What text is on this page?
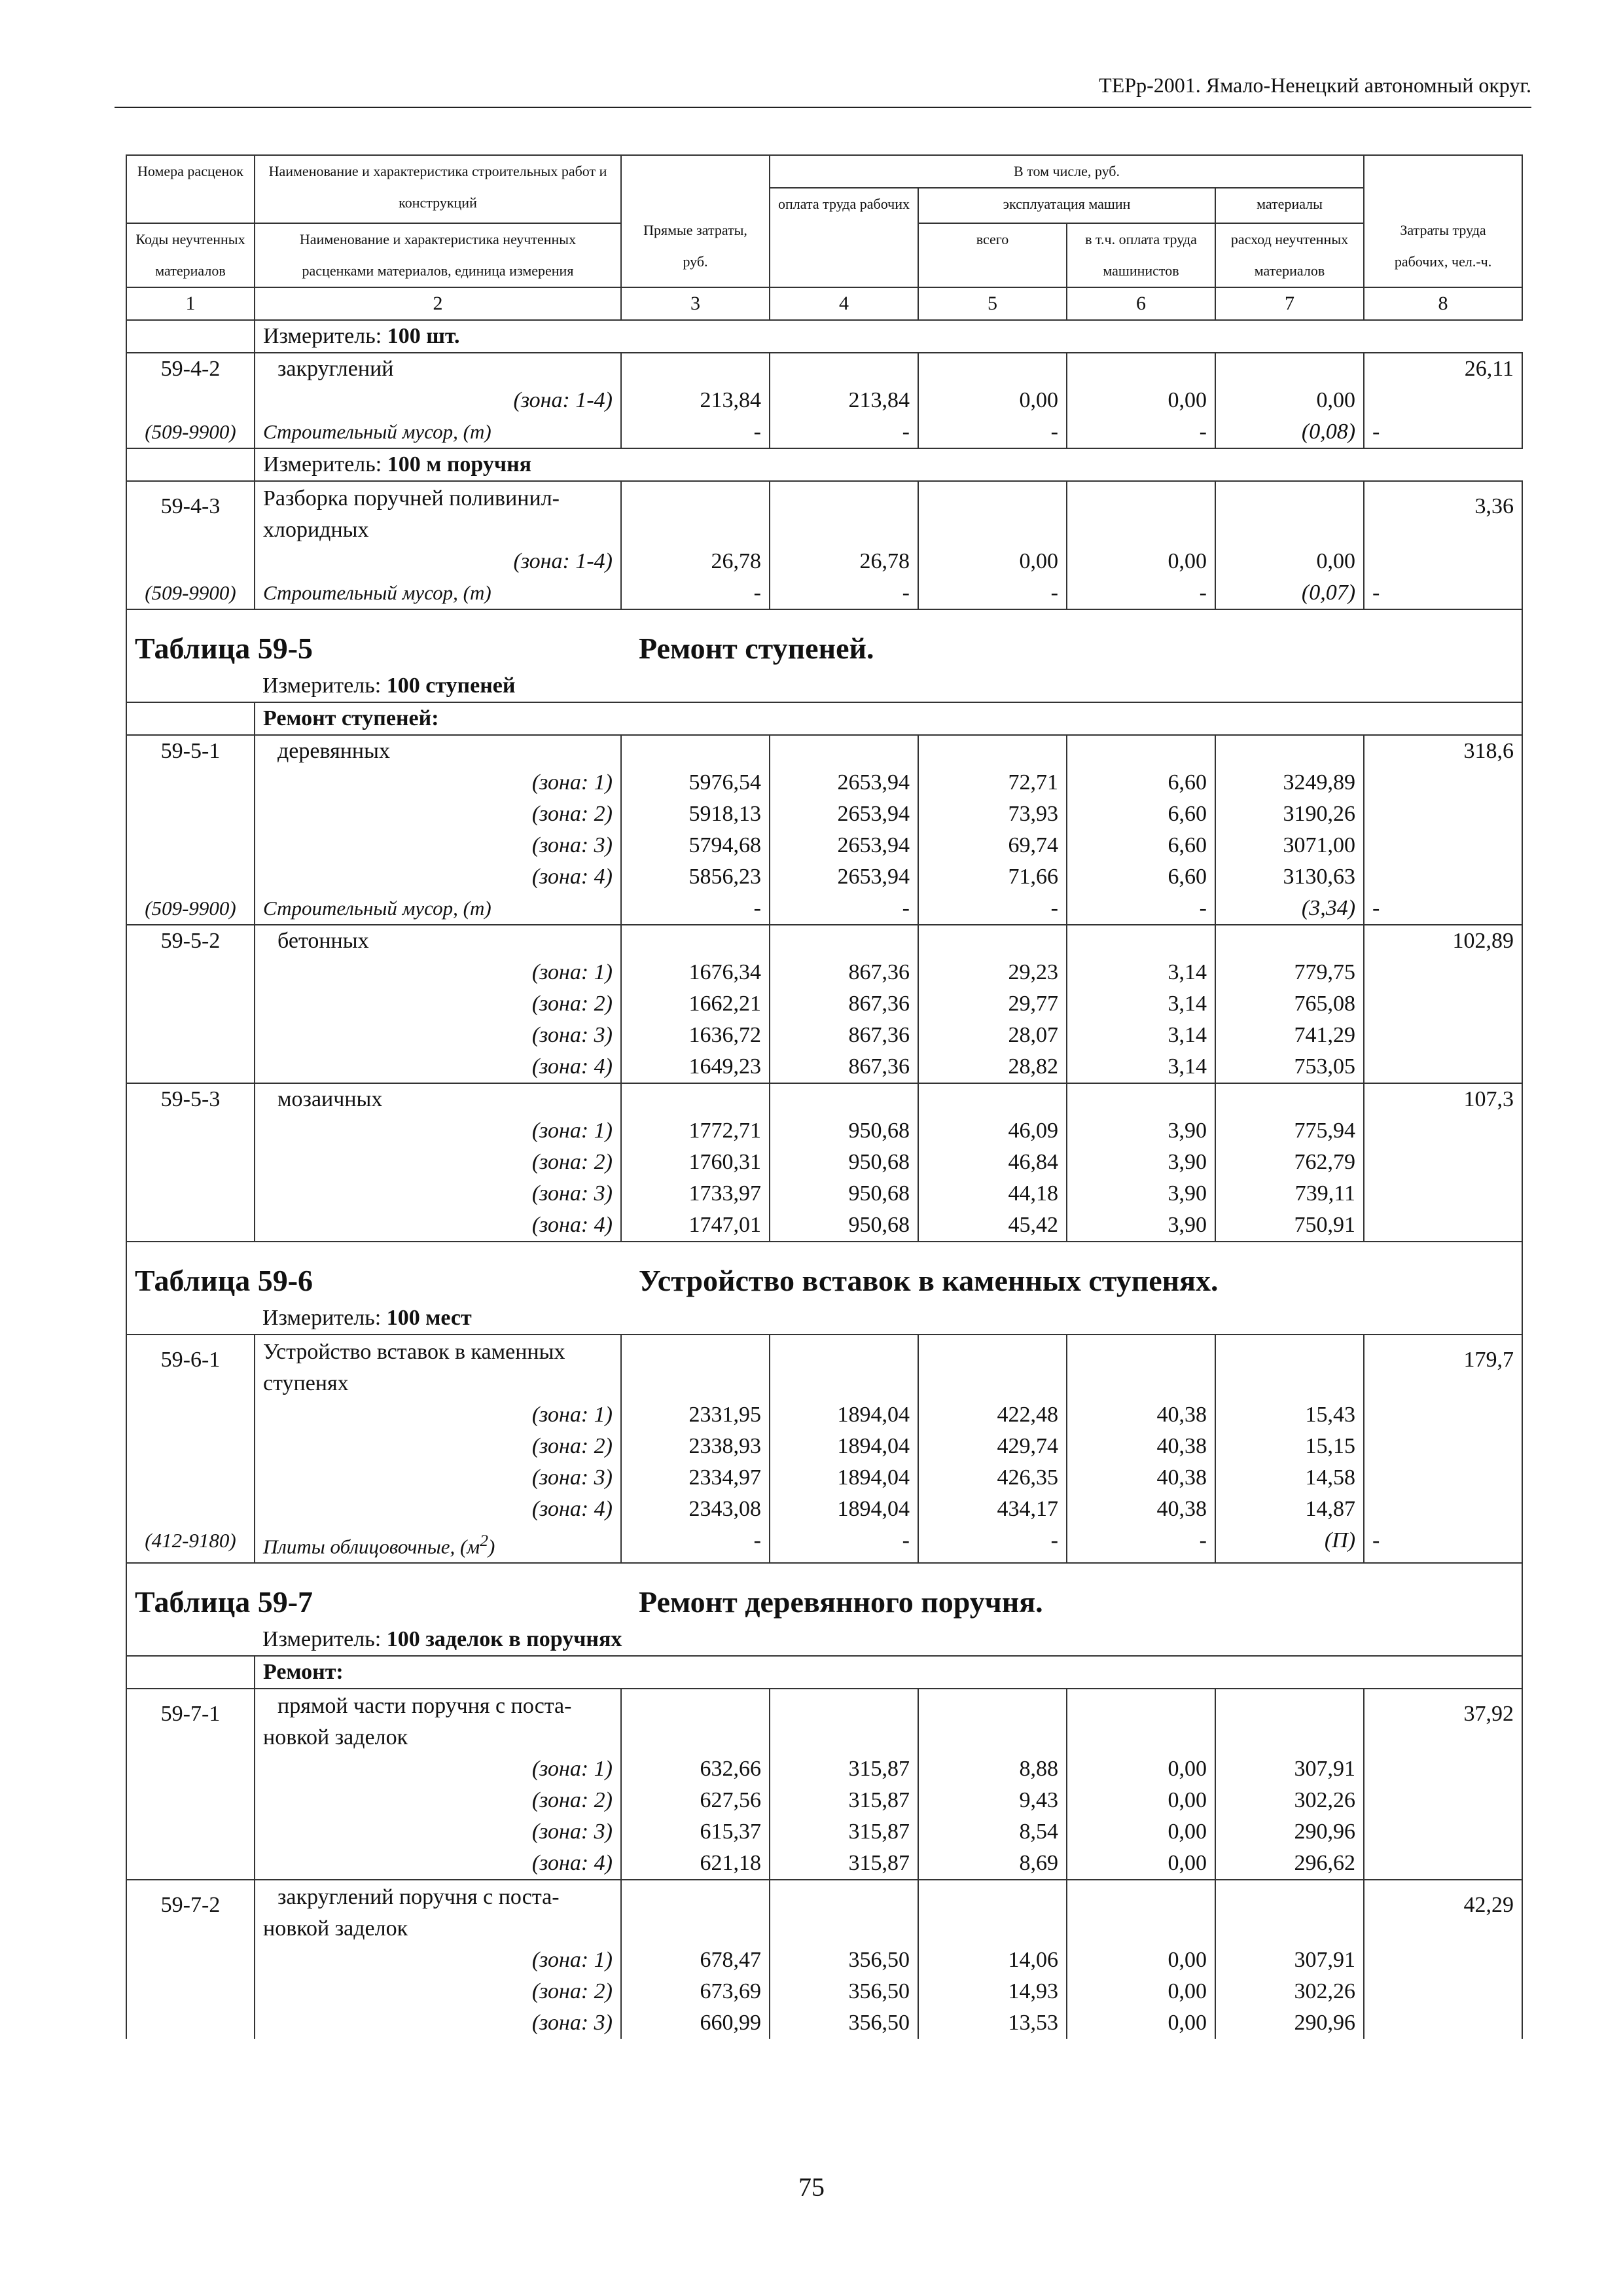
ТЕРр-2001. Ямало-Ненецкий автономный округ.
Номера расценок	Наименование и характеристика строительных работ и конструкций	Прямые затраты, руб.	В том числе, руб.				Затраты труда рабочих, чел.-ч.
			оплата труда рабочих	эксплуатация машин		материалы	
Коды неучтенных материалов	Наименование и характеристика неучтенных расценками материалов, единица измерения			всего	в т.ч. оплата труда машинистов	расход неучтенных материалов	
1	2	3	4	5	6	7	8
	Измеритель: 100 шт.						
59-4-2	закруглений						26,11
	(зона: 1-4)	213,84	213,84	0,00	0,00	0,00	
(509-9900)	Строительный мусор, (т)	-	-	-	-	(0,08)	-
	Измеритель: 100 м поручня						
59-4-3	Разборка поручней поливинил-
хлоридных						3,36
	(зона: 1-4)	26,78	26,78	0,00	0,00	0,00	
(509-9900)	Строительный мусор, (т)	-	-	-	-	(0,07)	-
Таблица 59-5 Ремонт ступеней.							
	Измеритель: 100 ступеней						
	Ремонт ступеней:						
59-5-1	деревянных						318,6
	(зона: 1)	5976,54	2653,94	72,71	6,60	3249,89	
	(зона: 2)	5918,13	2653,94	73,93	6,60	3190,26	
	(зона: 3)	5794,68	2653,94	69,74	6,60	3071,00	
	(зона: 4)	5856,23	2653,94	71,66	6,60	3130,63	
(509-9900)	Строительный мусор, (т)	-	-	-	-	(3,34)	-
59-5-2	бетонных						102,89
	(зона: 1)	1676,34	867,36	29,23	3,14	779,75	
	(зона: 2)	1662,21	867,36	29,77	3,14	765,08	
	(зона: 3)	1636,72	867,36	28,07	3,14	741,29	
	(зона: 4)	1649,23	867,36	28,82	3,14	753,05	
59-5-3	мозаичных						107,3
	(зона: 1)	1772,71	950,68	46,09	3,90	775,94	
	(зона: 2)	1760,31	950,68	46,84	3,90	762,79	
	(зона: 3)	1733,97	950,68	44,18	3,90	739,11	
	(зона: 4)	1747,01	950,68	45,42	3,90	750,91	
Таблица 59-6 Устройство вставок в каменных ступенях.							
	Измеритель: 100 мест						
59-6-1	Устройство вставок в каменных
ступенях						179,7
	(зона: 1)	2331,95	1894,04	422,48	40,38	15,43	
	(зона: 2)	2338,93	1894,04	429,74	40,38	15,15	
	(зона: 3)	2334,97	1894,04	426,35	40,38	14,58	
	(зона: 4)	2343,08	1894,04	434,17	40,38	14,87	
(412-9180)	Плиты облицовочные, $(м^2)$	-	-	-	-	(П)	-
Таблица 59-7 Ремонт деревянного поручня.							
	Измеритель: 100 заделок в поручнях						
	Ремонт:						
59-7-1	прямой части поручня с поста-
новкой заделок						37,92
	(зона: 1)	632,66	315,87	8,88	0,00	307,91	
	(зона: 2)	627,56	315,87	9,43	0,00	302,26	
	(зона: 3)	615,37	315,87	8,54	0,00	290,96	
	(зона: 4)	621,18	315,87	8,69	0,00	296,62	
59-7-2	закруглений поручня с поста-
новкой заделок						42,29
	(зона: 1)	678,47	356,50	14,06	0,00	307,91	
	(зона: 2)	673,69	356,50	14,93	0,00	302,26	
	(зона: 3)	660,99	356,50	13,53	0,00	290,96	
75
